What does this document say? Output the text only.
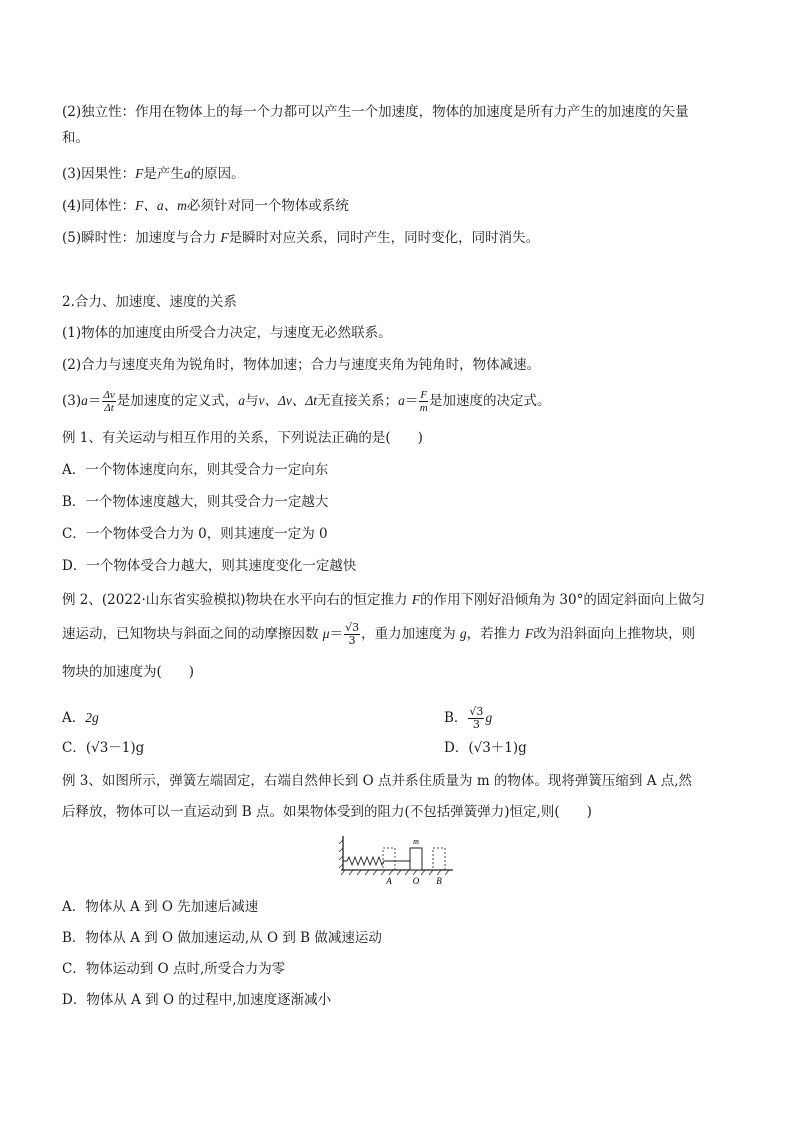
(2)独立性：作用在物体上的每一个力都可以产生一个加速度，物体的加速度是所有力产生的加速度的矢量
和。
(3)因果性：F是产生a的原因。
(4)同体性：F、a、m必须针对同一个物体或系统
(5)瞬时性：加速度与合力 F是瞬时对应关系，同时产生，同时变化，同时消失。
2.合力、加速度、速度的关系
(1)物体的加速度由所受合力决定，与速度无必然联系。
(2)合力与速度夹角为锐角时，物体加速；合力与速度夹角为钝角时，物体减速。
$(3)a= \frac{\Delta v}{\Delta t}$ 是加速度的定义式，a与v、Δv、Δt无直接关系；$a= \frac{F}{m}$ 是加速度的决定式。
例 1、有关运动与相互作用的关系，下列说法正确的是(　　)
A．一个物体速度向东，则其受合力一定向东
B．一个物体速度越大，则其受合力一定越大
C．一个物体受合力为 0，则其速度一定为 0
D．一个物体受合力越大，则其速度变化一定越快
例 2、(2022·山东省实验模拟)物块在水平向右的恒定推力 F的作用下刚好沿倾角为 30°的固定斜面向上做匀
速运动，已知物块与斜面之间的动摩擦因数 $\mu= \frac{√3}{3}$ ，重力加速度为 g，若推力 F改为沿斜面向上推物块，则
物块的加速度为(　　)
A．2g	B． $\frac{√3}{3}$ g
C．(√3－1)g	D．(√3＋1)g
例 3、如图所示，弹簧左端固定，右端自然伸长到 O 点并系住质量为 m 的物体。现将弹簧压缩到 A 点,然
后释放，物体可以一直运动到 B 点。如果物体受到的阻力(不包括弹簧弹力)恒定,则(　　)
m
A O B
A．物体从 A 到 O 先加速后减速
B．物体从 A 到 O 做加速运动,从 O 到 B 做减速运动
C．物体运动到 O 点时,所受合力为零
D．物体从 A 到 O 的过程中,加速度逐渐减小
